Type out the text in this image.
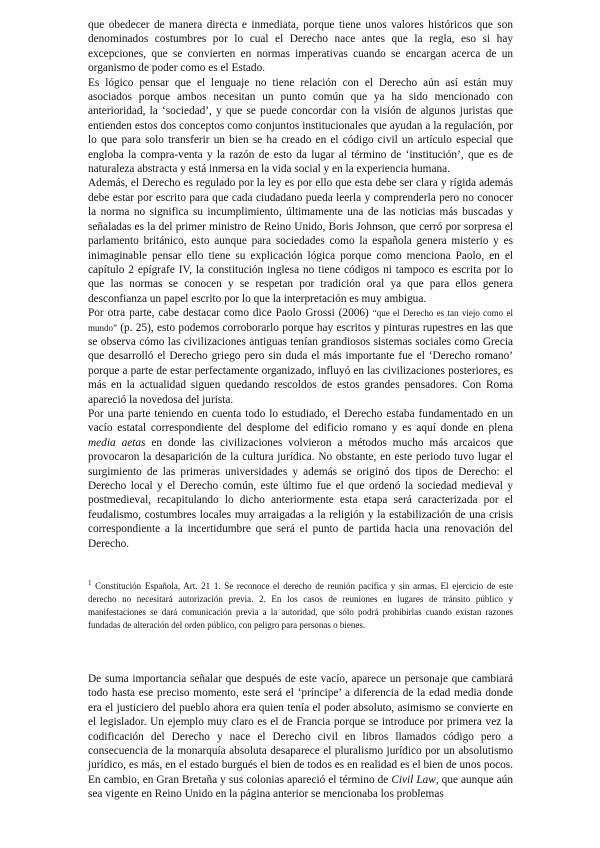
que obedecer de manera directa e inmediata, porque tiene unos valores históricos que son denominados costumbres por lo cual el Derecho nace antes que la regla, eso si hay excepciones, que se convierten en normas imperativas cuando se encargan acerca de un organismo de poder como es el Estado.

Es lógico pensar que el lenguaje no tiene relación con el Derecho aún así están muy asociados porque ambos necesitan un punto común que ya ha sido mencionado con anterioridad, la ‘sociedad’, y que se puede concordar con la visión de algunos juristas que entienden estos dos conceptos como conjuntos institucionales que ayudan a la regulación, por lo que para solo transferir un bien se ha creado en el código civil un artículo especial que engloba la compra-venta y la razón de esto da lugar al término de ‘institución’, que es de naturaleza abstracta y está inmersa en la vida social y en la experiencia humana.

Además, el Derecho es regulado por la ley es por ello que esta debe ser clara y rígida además debe estar por escrito para que cada ciudadano pueda leerla y comprenderla pero no conocer la norma no significa su incumplimiento, últimamente una de las noticias más buscadas y señaladas es la del primer ministro de Reino Unido, Boris Johnson, que cerró por sorpresa el parlamento británico, esto aunque para sociedades como la española genera misterio y es inimaginable pensar ello tiene su explicación lógica porque como menciona Paolo, en el capítulo 2 epígrafe IV, la constitución inglesa no tiene códigos ni tampoco es escrita por lo que las normas se conocen y se respetan por tradición oral ya que para ellos genera desconfianza un papel escrito por lo que la interpretación es muy ambigua.

Por otra parte, cabe destacar como dice Paolo Grossi (2006) “que el Derecho es tan viejo como el mundo” (p. 25), esto podemos corroborarlo porque hay escritos y pinturas rupestres en las que se observa cómo las civilizaciones antiguas tenían grandiosos sistemas sociales como Grecia que desarrolló el Derecho griego pero sin duda el más importante fue el ‘Derecho romano’ porque a parte de estar perfectamente organizado, influyó en las civilizaciones posteriores, es más en la actualidad siguen quedando rescoldos de estos grandes pensadores. Con Roma apareció la novedosa del jurista.

Por una parte teniendo en cuenta todo lo estudiado, el Derecho estaba fundamentado en un vacío estatal correspondiente del desplome del edificio romano y es aquí donde en plena media aetas en donde las civilizaciones volvieron a métodos mucho más arcaicos que provocaron la desaparición de la cultura jurídica. No obstante, en este periodo tuvo lugar el surgimiento de las primeras universidades y además se originó dos tipos de Derecho: el Derecho local y el Derecho común, este último fue el que ordenó la sociedad medieval y postmedieval, recapitulando lo dicho anteriormente esta etapa será caracterizada por el feudalismo, costumbres locales muy arraigadas a la religión y la estabilización de una crisis correspondiente a la incertidumbre que será el punto de partida hacia una renovación del Derecho.

$^1$ Constitución Española, Art. 21 1. Se reconoce el derecho de reunión pacífica y sin armas. El ejercicio de este derecho no necesitará autorización previa. 2. En los casos de reuniones en lugares de tránsito público y manifestaciones se dará comunicación previa a la autoridad, que sólo podrá prohibirlas cuando existan razones fundadas de alteración del orden público, con peligro para personas o bienes.

De suma importancia señalar que después de este vacío, aparece un personaje que cambiará todo hasta ese preciso momento, este será el ‘príncipe’ a diferencia de la edad media donde era el justiciero del pueblo ahora era quien tenía el poder absoluto, asimismo se convierte en el legislador. Un ejemplo muy claro es el de Francia porque se introduce por primera vez la codificación del Derecho y nace el Derecho civil en libros llamados código pero a consecuencia de la monarquía absoluta desaparece el pluralismo jurídico por un absolutismo jurídico, es más, en el estado burgués el bien de todos es en realidad es el bien de unos pocos. En cambio, en Gran Bretaña y sus colonias apareció el término de Civil Law, que aunque aún sea vigente en Reino Unido en la página anterior se mencionaba los problemas
